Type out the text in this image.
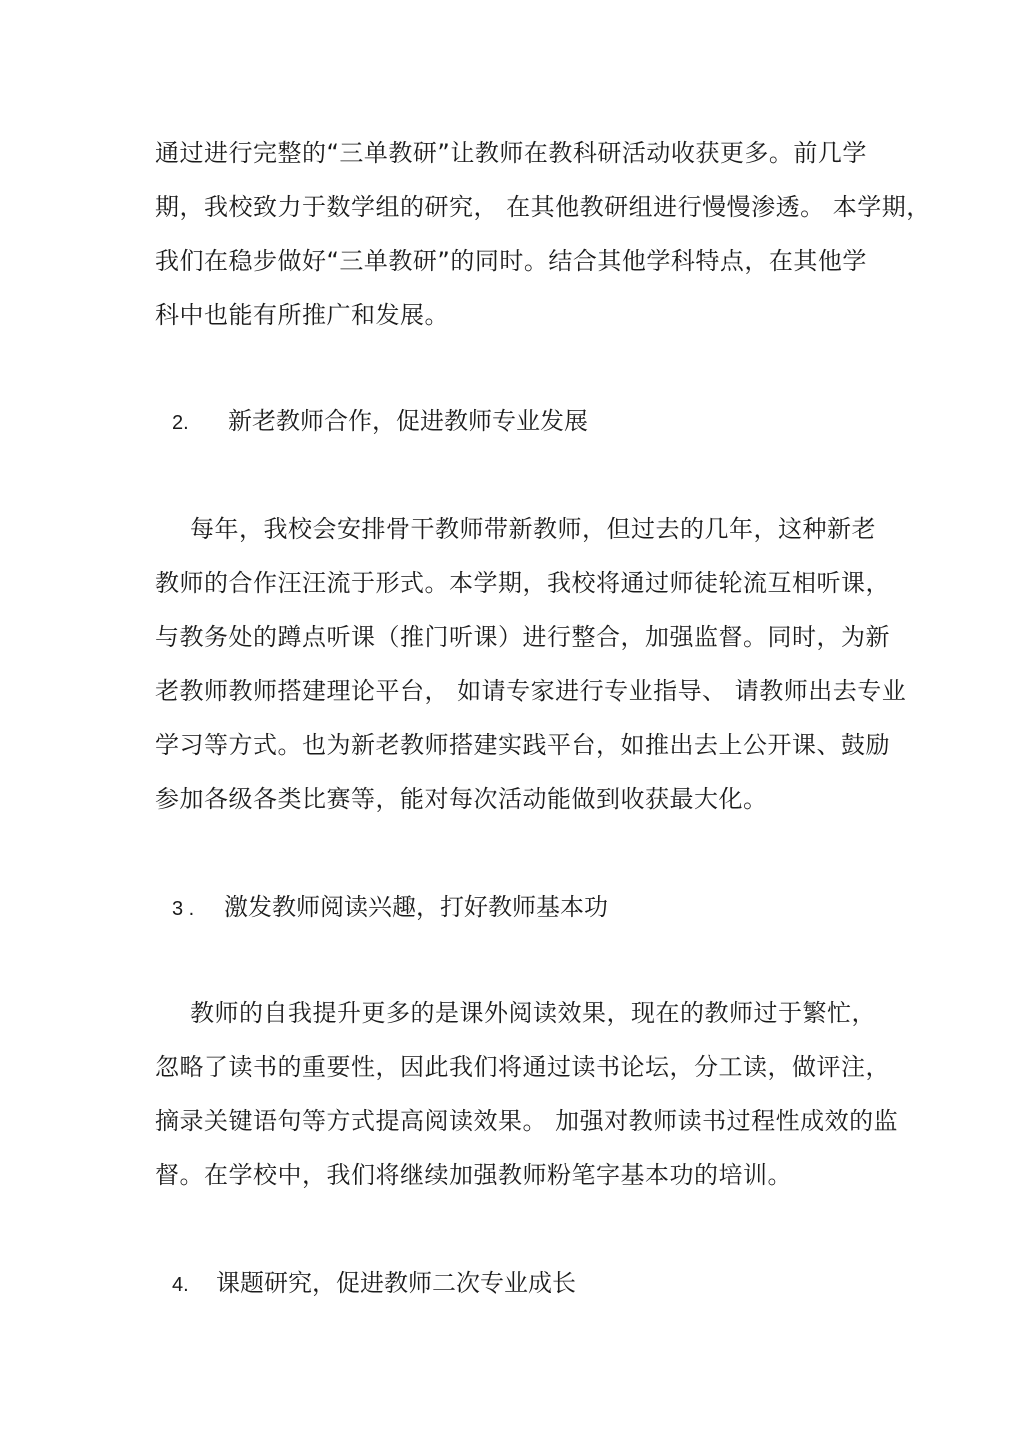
通过进行完整的“三单教研”让教师在教科研活动收获更多。前几学
期，我校致力于数学组的研究， 在其他教研组进行慢慢渗透。 本学期，
我们在稳步做好“三单教研”的同时。结合其他学科特点，在其他学
科中也能有所推广和发展。
2. 新老教师合作，促进教师专业发展
每年，我校会安排骨干教师带新教师，但过去的几年，这种新老
教师的合作汪汪流于形式。本学期，我校将通过师徒轮流互相听课，
与教务处的蹲点听课（推门听课）进行整合，加强监督。同时，为新
老教师教师搭建理论平台， 如请专家进行专业指导、 请教师出去专业
学习等方式。也为新老教师搭建实践平台，如推出去上公开课、鼓励
参加各级各类比赛等，能对每次活动能做到收获最大化。
3 . 激发教师阅读兴趣，打好教师基本功
教师的自我提升更多的是课外阅读效果，现在的教师过于繁忙，
忽略了读书的重要性，因此我们将通过读书论坛，分工读，做评注，
摘录关键语句等方式提高阅读效果。 加强对教师读书过程性成效的监
督。在学校中，我们将继续加强教师粉笔字基本功的培训。
4. 课题研究，促进教师二次专业成长
